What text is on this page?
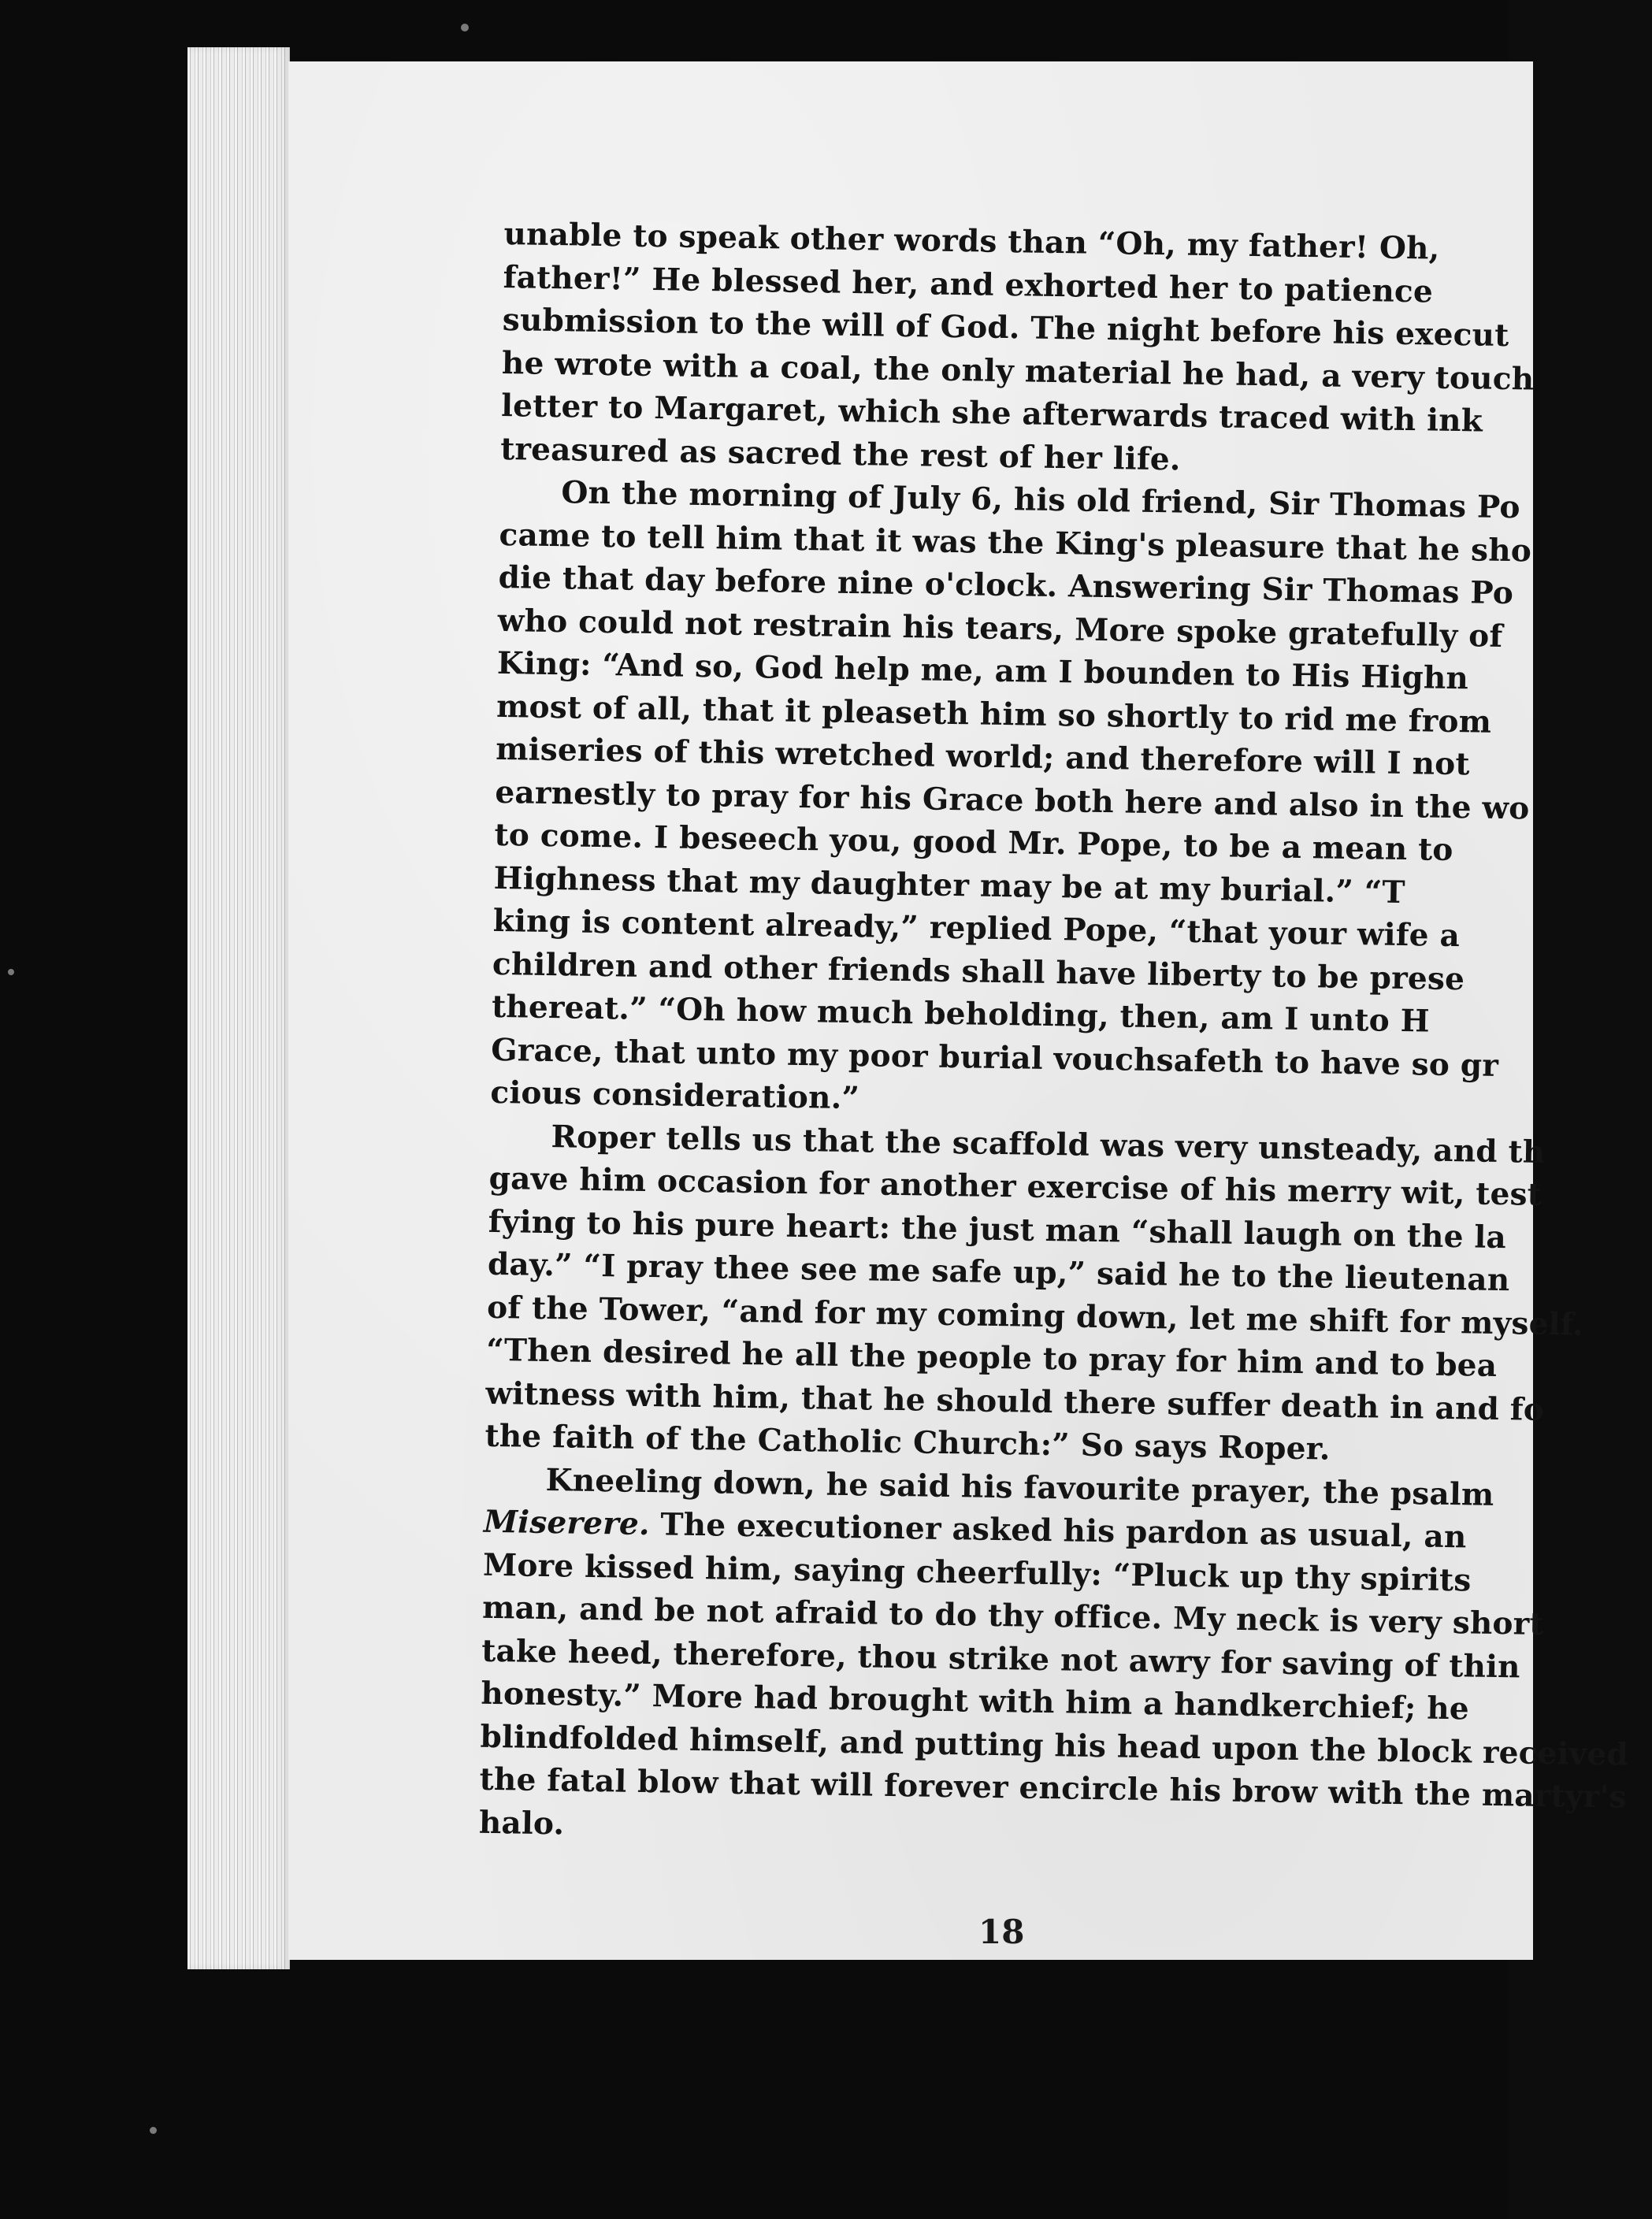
unable to speak other words than “Oh, my father! Oh,
father!” He blessed her, and exhorted her to patience
submission to the will of God. The night before his execut
he wrote with a coal, the only material he had, a very touch
letter to Margaret, which she afterwards traced with ink
treasured as sacred the rest of her life.

On the morning of July 6, his old friend, Sir Thomas Po
came to tell him that it was the King's pleasure that he sho
die that day before nine o'clock. Answering Sir Thomas Po
who could not restrain his tears, More spoke gratefully of
King: “And so, God help me, am I bounden to His Highn
most of all, that it pleaseth him so shortly to rid me from
miseries of this wretched world; and therefore will I not
earnestly to pray for his Grace both here and also in the wo
to come. I beseech you, good Mr. Pope, to be a mean to
Highness that my daughter may be at my burial.” “T
king is content already,” replied Pope, “that your wife a
children and other friends shall have liberty to be prese
thereat.” “Oh how much beholding, then, am I unto H
Grace, that unto my poor burial vouchsafeth to have so gr
cious consideration.”

Roper tells us that the scaffold was very unsteady, and th
gave him occasion for another exercise of his merry wit, test
fying to his pure heart: the just man “shall laugh on the la
day.” “I pray thee see me safe up,” said he to the lieutenan
of the Tower, “and for my coming down, let me shift for myself.
“Then desired he all the people to pray for him and to bea
witness with him, that he should there suffer death in and fo
the faith of the Catholic Church:” So says Roper.

Kneeling down, he said his favourite prayer, the psalm
Miserere. The executioner asked his pardon as usual, an
More kissed him, saying cheerfully: “Pluck up thy spirits
man, and be not afraid to do thy office. My neck is very short
take heed, therefore, thou strike not awry for saving of thin
honesty.” More had brought with him a handkerchief; he
blindfolded himself, and putting his head upon the block received
the fatal blow that will forever encircle his brow with the martyr's
halo.

18
